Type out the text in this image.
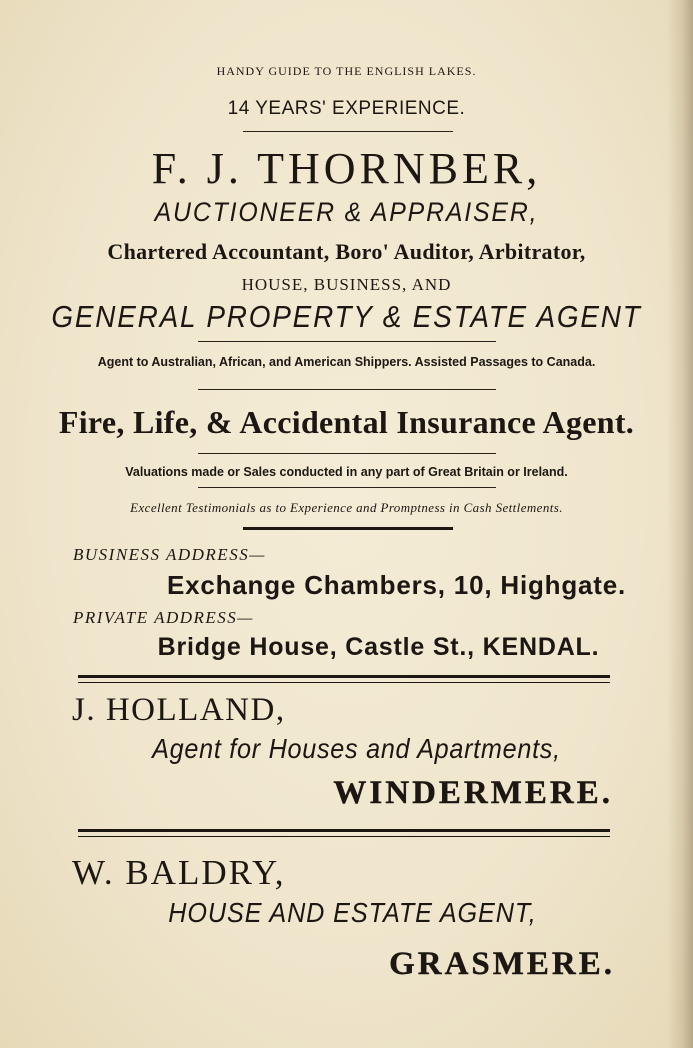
HANDY GUIDE TO THE ENGLISH LAKES.

14 YEARS' EXPERIENCE.

F. J. THORNBER,

AUCTIONEER & APPRAISER,

Chartered Accountant, Boro' Auditor, Arbitrator,

HOUSE, BUSINESS, AND

GENERAL PROPERTY & ESTATE AGENT

Agent to Australian, African, and American Shippers. Assisted Passages to Canada.

Fire, Life, & Accidental Insurance Agent.

Valuations made or Sales conducted in any part of Great Britain or Ireland.

Excellent Testimonials as to Experience and Promptness in Cash Settlements.

BUSINESS ADDRESS—

Exchange Chambers, 10, Highgate.

PRIVATE ADDRESS—

Bridge House, Castle St., KENDAL.

J. HOLLAND,

Agent for Houses and Apartments,

WINDERMERE.

W. BALDRY,

HOUSE AND ESTATE AGENT,

GRASMERE.
